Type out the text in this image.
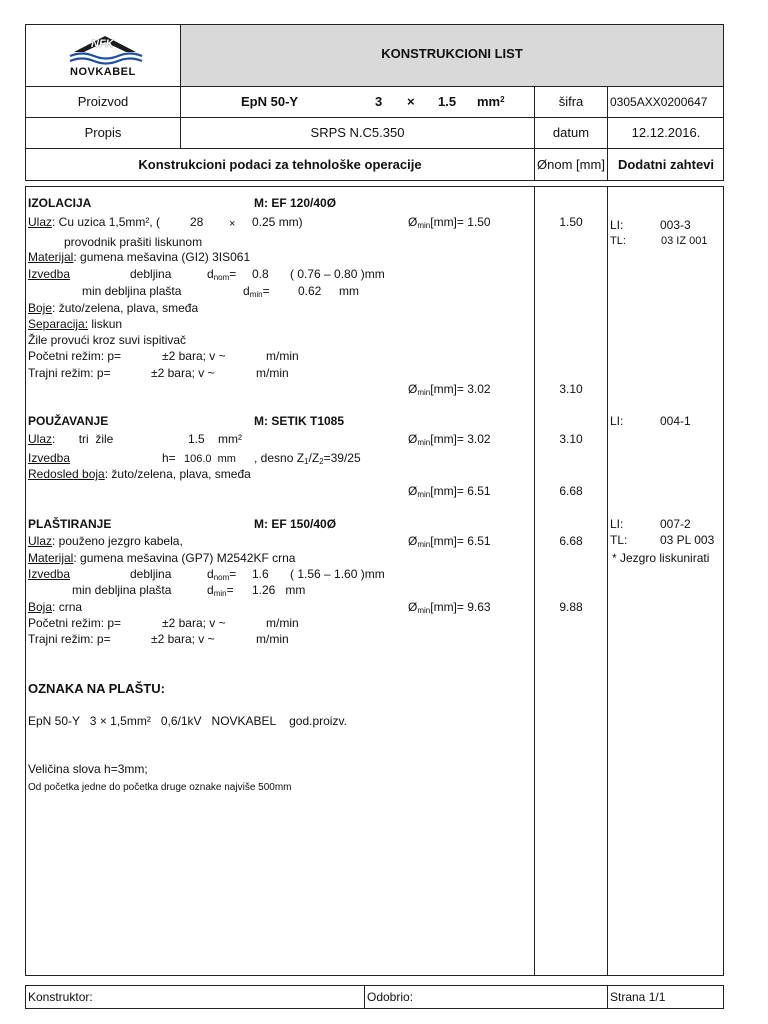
NFK
NOVKABEL
KONSTRUKCIONI LIST
Proizvod	EpN 50-Y	3 × 1.5 $mm^2$	šifra	0305AXX0200647
Propis	SRPS N.C5.350	datum	12.12.2016.
Konstrukcioni podaci za tehnološke operacije	Ønom [mm]	Dodatni zahtevi
IZOLACIJA	M: EF 120/40Ø
Ulaz: Cu uzica 1,5mm², ( 28 × 0.25 mm)	$Ø_{min}[mm]= 1.50$	1.50	LI:	003-3
provodnik prašiti liskunom	TL:	03 IZ 001
Materijal: gumena mešavina (GI2) 3IS061
Izvedba	debljina	$d_{nom}= 0.8$ ( 0.76 – 0.80 )mm
min debljina plašta	$d_{min}= 0.62$ mm
Boje: žuto/zelena, plava, smeđa
Separacija: liskun
Žile provući kroz suvi ispitivač
Početni režim: p=	±2 bara; v ~	m/min
Trajni režim: p=	±2 bara; v ~	m/min
$Ø_{min}[mm]= 3.02$	3.10
POUŽAVANJE	M: SETIK T1085	LI:	004-1
Ulaz:       tri  žile	1.5    mm²	$Ø_{min}[mm]= 3.02$	3.10
Izvedba	h= 106.0  mm , desno $Z_1/Z_2=39/25$
Redosled boja: žuto/zelena, plava, smeđa
$Ø_{min}[mm]= 6.51$	6.68
PLAŠTIRANJE	M: EF 150/40Ø	LI:	007-2
Ulaz: použeno jezgro kabela,	$Ø_{min}[mm]= 6.51$	6.68	TL:	03 PL 003
Materijal: gumena mešavina (GP7) M2542KF crna	* Jezgro liskunirati
Izvedba	debljina	$d_{nom}= 1.6$ ( 1.56 – 1.60 )mm
min debljina plašta	$d_{min}= 1.26$   mm
Boja: crna	$Ø_{min}[mm]= 9.63$	9.88
Početni režim: p=	±2 bara; v ~	m/min
Trajni režim: p=	±2 bara; v ~	m/min
OZNAKA NA PLAŠTU:
EpN 50-Y   3 × 1,5mm²   0,6/1kV   NOVKABEL    god.proizv.
Veličina slova h=3mm;
Od početka jedne do početka druge oznake najviše 500mm
Konstruktor:	Odobrio:	Strana 1/1
